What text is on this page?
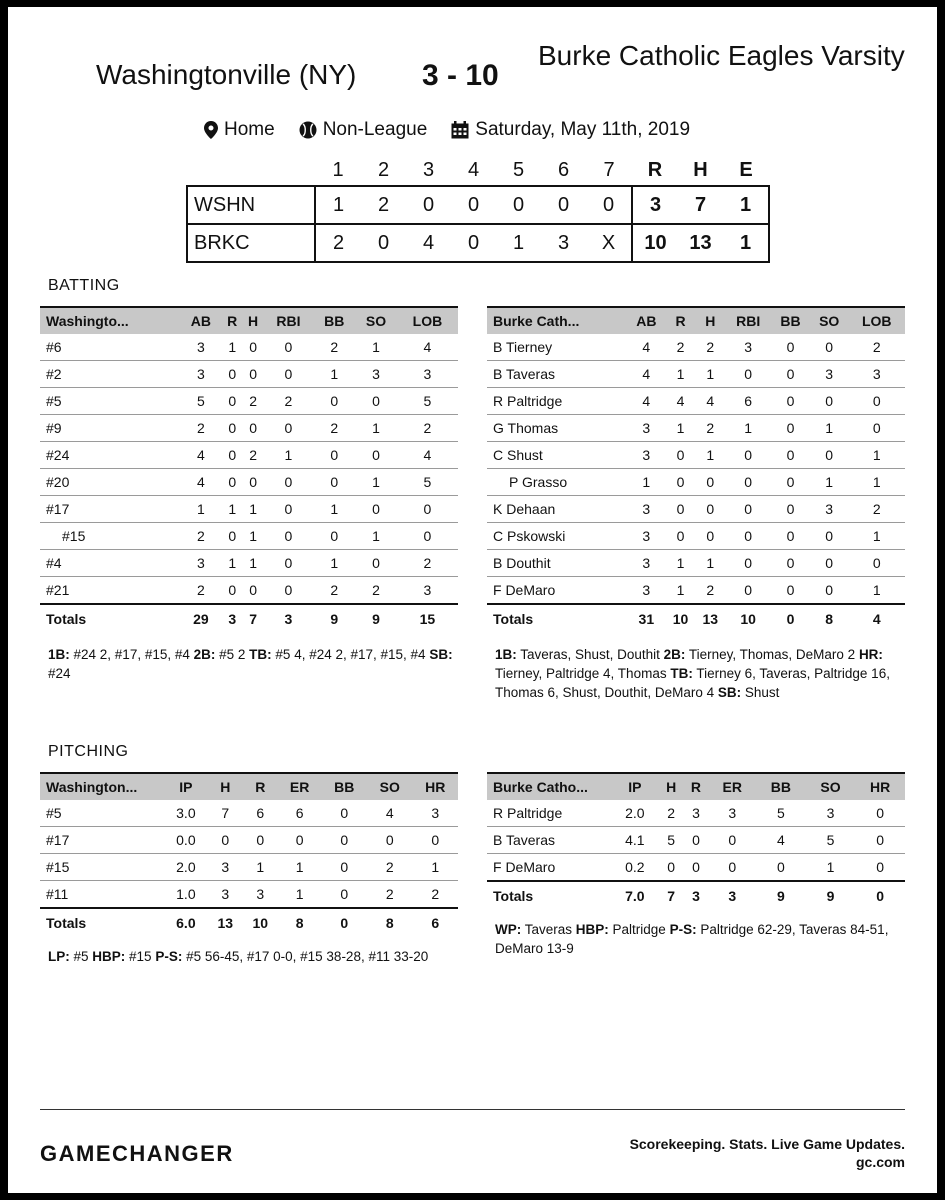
Washingtonville (NY) 3 - 10
Burke Catholic Eagles Varsity
Home	Non-League	Saturday, May 11th, 2019
	1	2	3	4	5	6	7	R	H	E
WSHN	1	2	0	0	0	0	0	3	7	1
BRKC	2	0	4	0	1	3	X	10	13	1
BATTING
Washingto...	AB	R	H	RBI	BB	SO	LOB
#6	3	1	0	0	2	1	4
#2	3	0	0	0	1	3	3
#5	5	0	2	2	0	0	5
#9	2	0	0	0	2	1	2
#24	4	0	2	1	0	0	4
#20	4	0	0	0	0	1	5
#17	1	1	1	0	1	0	0
#15	2	0	1	0	0	1	0
#4	3	1	1	0	1	0	2
#21	2	0	0	0	2	2	3
Totals	29	3	7	3	9	9	15
Burke Cath...	AB	R	H	RBI	BB	SO	LOB
B Tierney	4	2	2	3	0	0	2
B Taveras	4	1	1	0	0	3	3
R Paltridge	4	4	4	6	0	0	0
G Thomas	3	1	2	1	0	1	0
C Shust	3	0	1	0	0	0	1
P Grasso	1	0	0	0	0	1	1
K Dehaan	3	0	0	0	0	3	2
C Pskowski	3	0	0	0	0	0	1
B Douthit	3	1	1	0	0	0	0
F DeMaro	3	1	2	0	0	0	1
Totals	31	10	13	10	0	8	4
1B: #24 2, #17, #15, #4 2B: #5 2 TB: #5 4, #24 2, #17, #15, #4 SB: #24
1B: Taveras, Shust, Douthit 2B: Tierney, Thomas, DeMaro 2 HR: Tierney, Paltridge 4, Thomas TB: Tierney 6, Taveras, Paltridge 16, Thomas 6, Shust, Douthit, DeMaro 4 SB: Shust
PITCHING
Washington...	IP	H	R	ER	BB	SO	HR
#5	3.0	7	6	6	0	4	3
#17	0.0	0	0	0	0	0	0
#15	2.0	3	1	1	0	2	1
#11	1.0	3	3	1	0	2	2
Totals	6.0	13	10	8	0	8	6
Burke Catho...	IP	H	R	ER	BB	SO	HR
R Paltridge	2.0	2	3	3	5	3	0
B Taveras	4.1	5	0	0	4	5	0
F DeMaro	0.2	0	0	0	0	1	0
Totals	7.0	7	3	3	9	9	0
LP: #5 HBP: #15 P-S: #5 56-45, #17 0-0, #15 38-28, #11 33-20
WP: Taveras HBP: Paltridge P-S: Paltridge 62-29, Taveras 84-51, DeMaro 13-9
GAMECHANGER	Scorekeeping. Stats. Live Game Updates.
gc.com
